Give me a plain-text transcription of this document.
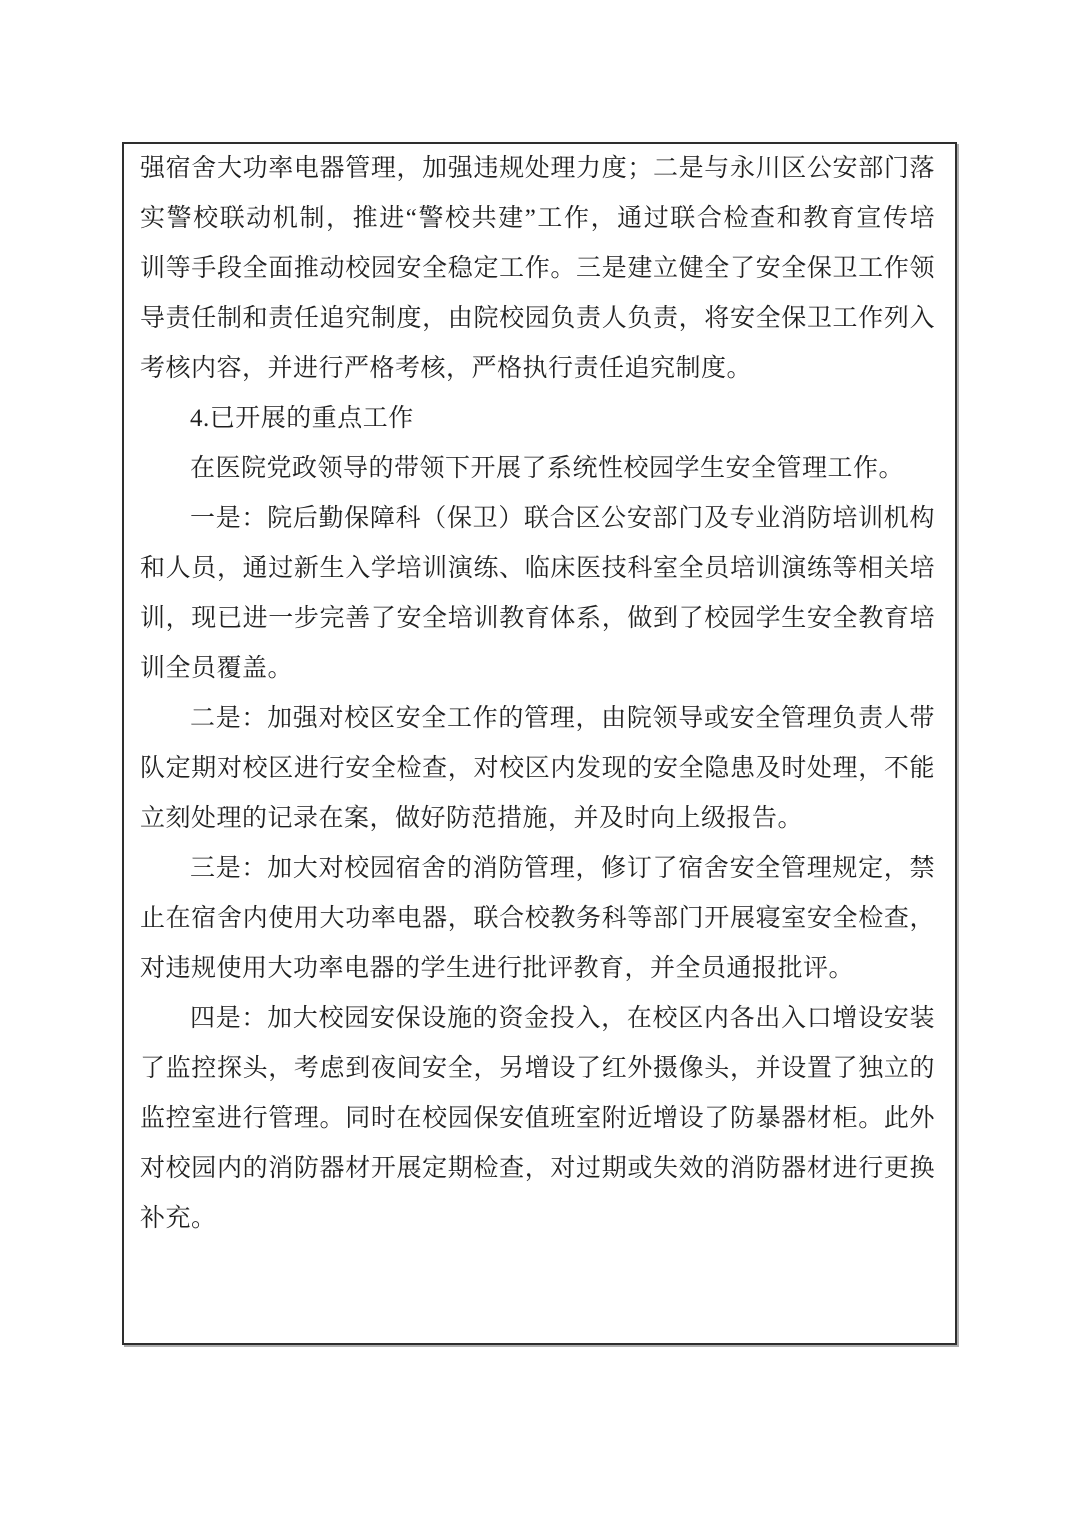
强宿舍大功率电器管理，加强违规处理力度；二是与永川区公安部门落
实警校联动机制，推进“警校共建”工作，通过联合检查和教育宣传培
训等手段全面推动校园安全稳定工作。三是建立健全了安全保卫工作领
导责任制和责任追究制度，由院校园负责人负责，将安全保卫工作列入
考核内容，并进行严格考核，严格执行责任追究制度。

4.已开展的重点工作

在医院党政领导的带领下开展了系统性校园学生安全管理工作。

一是：院后勤保障科（保卫）联合区公安部门及专业消防培训机构
和人员，通过新生入学培训演练、临床医技科室全员培训演练等相关培
训，现已进一步完善了安全培训教育体系，做到了校园学生安全教育培
训全员覆盖。

二是：加强对校区安全工作的管理，由院领导或安全管理负责人带
队定期对校区进行安全检查，对校区内发现的安全隐患及时处理，不能
立刻处理的记录在案，做好防范措施，并及时向上级报告。

三是：加大对校园宿舍的消防管理，修订了宿舍安全管理规定，禁
止在宿舍内使用大功率电器，联合校教务科等部门开展寝室安全检查，
对违规使用大功率电器的学生进行批评教育，并全员通报批评。

四是：加大校园安保设施的资金投入，在校区内各出入口增设安装
了监控探头，考虑到夜间安全，另增设了红外摄像头，并设置了独立的
监控室进行管理。同时在校园保安值班室附近增设了防暴器材柜。此外
对校园内的消防器材开展定期检查，对过期或失效的消防器材进行更换
补充。
